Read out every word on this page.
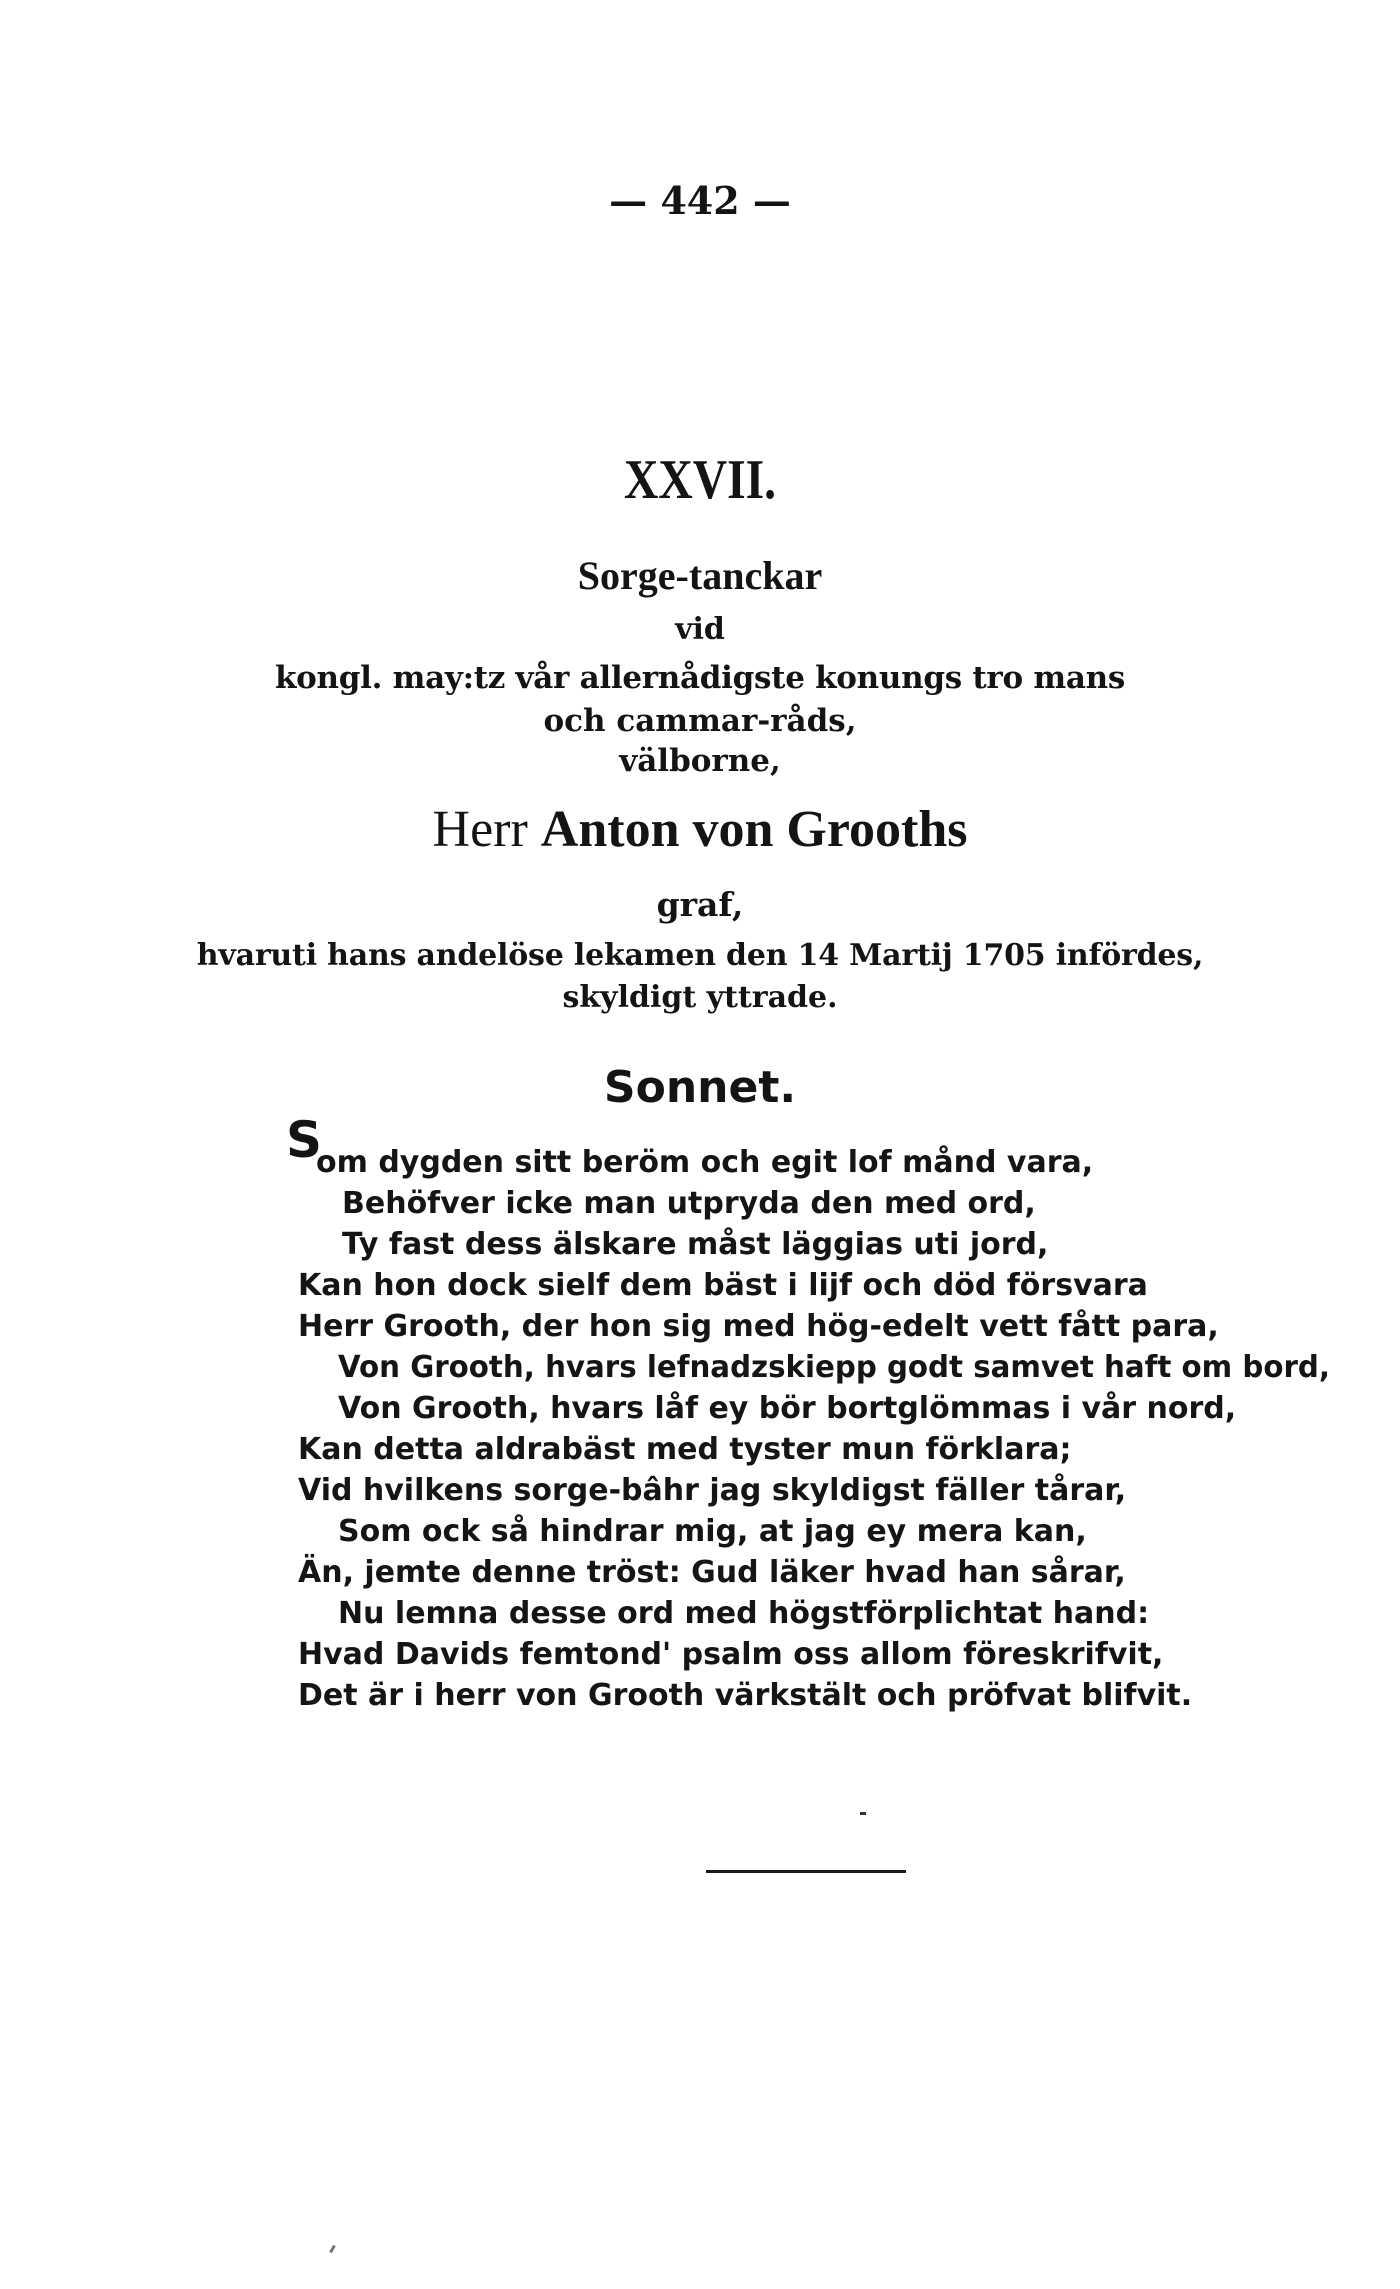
— 442 —
XXVII.
Sorge-tanckar
vid
kongl. may:tz vår allernådigste konungs tro mans
och cammar-råds,
välborne,
Herr Anton von Grooths
graf,
hvaruti hans andelöse lekamen den 14 Martij 1705 infördes,
skyldigt yttrade.
Sonnet.
S
om dygden sitt beröm och egit lof månd vara,
Behöfver icke man utpryda den med ord,
Ty fast dess älskare måst läggias uti jord,
Kan hon dock sielf dem bäst i lijf och död försvara
Herr Grooth, der hon sig med hög-edelt vett fått para,
Von Grooth, hvars lefnadzskiepp godt samvet haft om bord,
Von Grooth, hvars låf ey bör bortglömmas i vår nord,
Kan detta aldrabäst med tyster mun förklara;
Vid hvilkens sorge-bâhr jag skyldigst fäller tårar,
Som ock så hindrar mig, at jag ey mera kan,
Än, jemte denne tröst: Gud läker hvad han sårar,
Nu lemna desse ord med högstförplichtat hand:
Hvad Davids femtond' psalm oss allom föreskrifvit,
Det är i herr von Grooth värkstält och pröfvat blifvit.
